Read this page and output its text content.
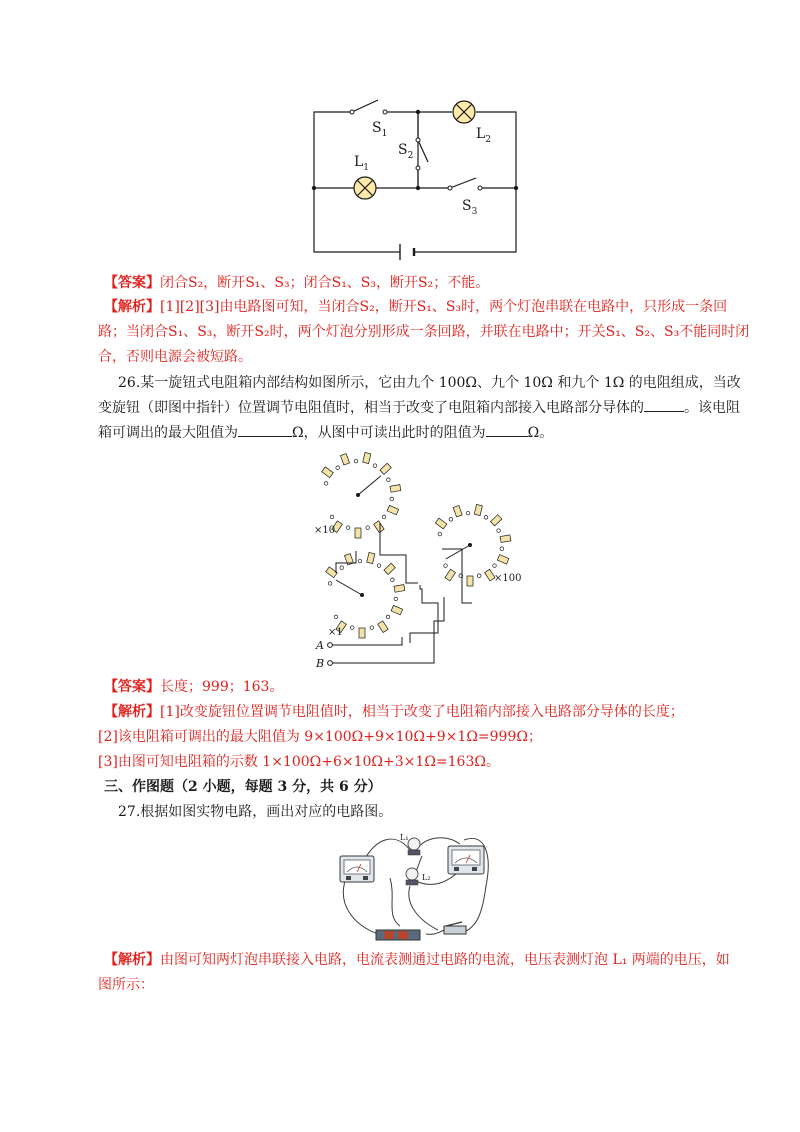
$S_1$
$S_2$
$S_3$
$L_1$
$L_2$
【答案】闭合S₂，断开S₁、S₃；闭合S₁、S₃，断开S₂；不能。
【解析】[1][2][3]由电路图可知，当闭合S₂，断开S₁、S₃时，两个灯泡串联在电路中，只形成一条回
路；当闭合S₁、S₃，断开S₂时，两个灯泡分别形成一条回路，并联在电路中；开关S₁、S₂、S₃不能同时闭
合，否则电源会被短路。
26.某一旋钮式电阻箱内部结构如图所示，它由九个 100Ω、九个 10Ω 和九个 1Ω 的电阻组成，当改
变旋钮（即图中指针）位置调节电阻值时，相当于改变了电阻箱内部接入电路部分导体的	。该电阻
箱可调出的最大阻值为	Ω，从图中可读出此时的阻值为	Ω。
×10
×100
×1
A
B
【答案】长度；999；163。
【解析】[1]改变旋钮位置调节电阻值时，相当于改变了电阻箱内部接入电路部分导体的长度；
[2]该电阻箱可调出的最大阻值为 9×100Ω+9×10Ω+9×1Ω=999Ω；
[3]由图可知电阻箱的示数 1×100Ω+6×10Ω+3×1Ω=163Ω。
三、作图题（2 小题，每题 3 分，共 6 分）
27.根据如图实物电路，画出对应的电路图。
L₁
L₂
【解析】由图可知两灯泡串联接入电路，电流表测通过电路的电流，电压表测灯泡 L₁ 两端的电压，如
图所示：
